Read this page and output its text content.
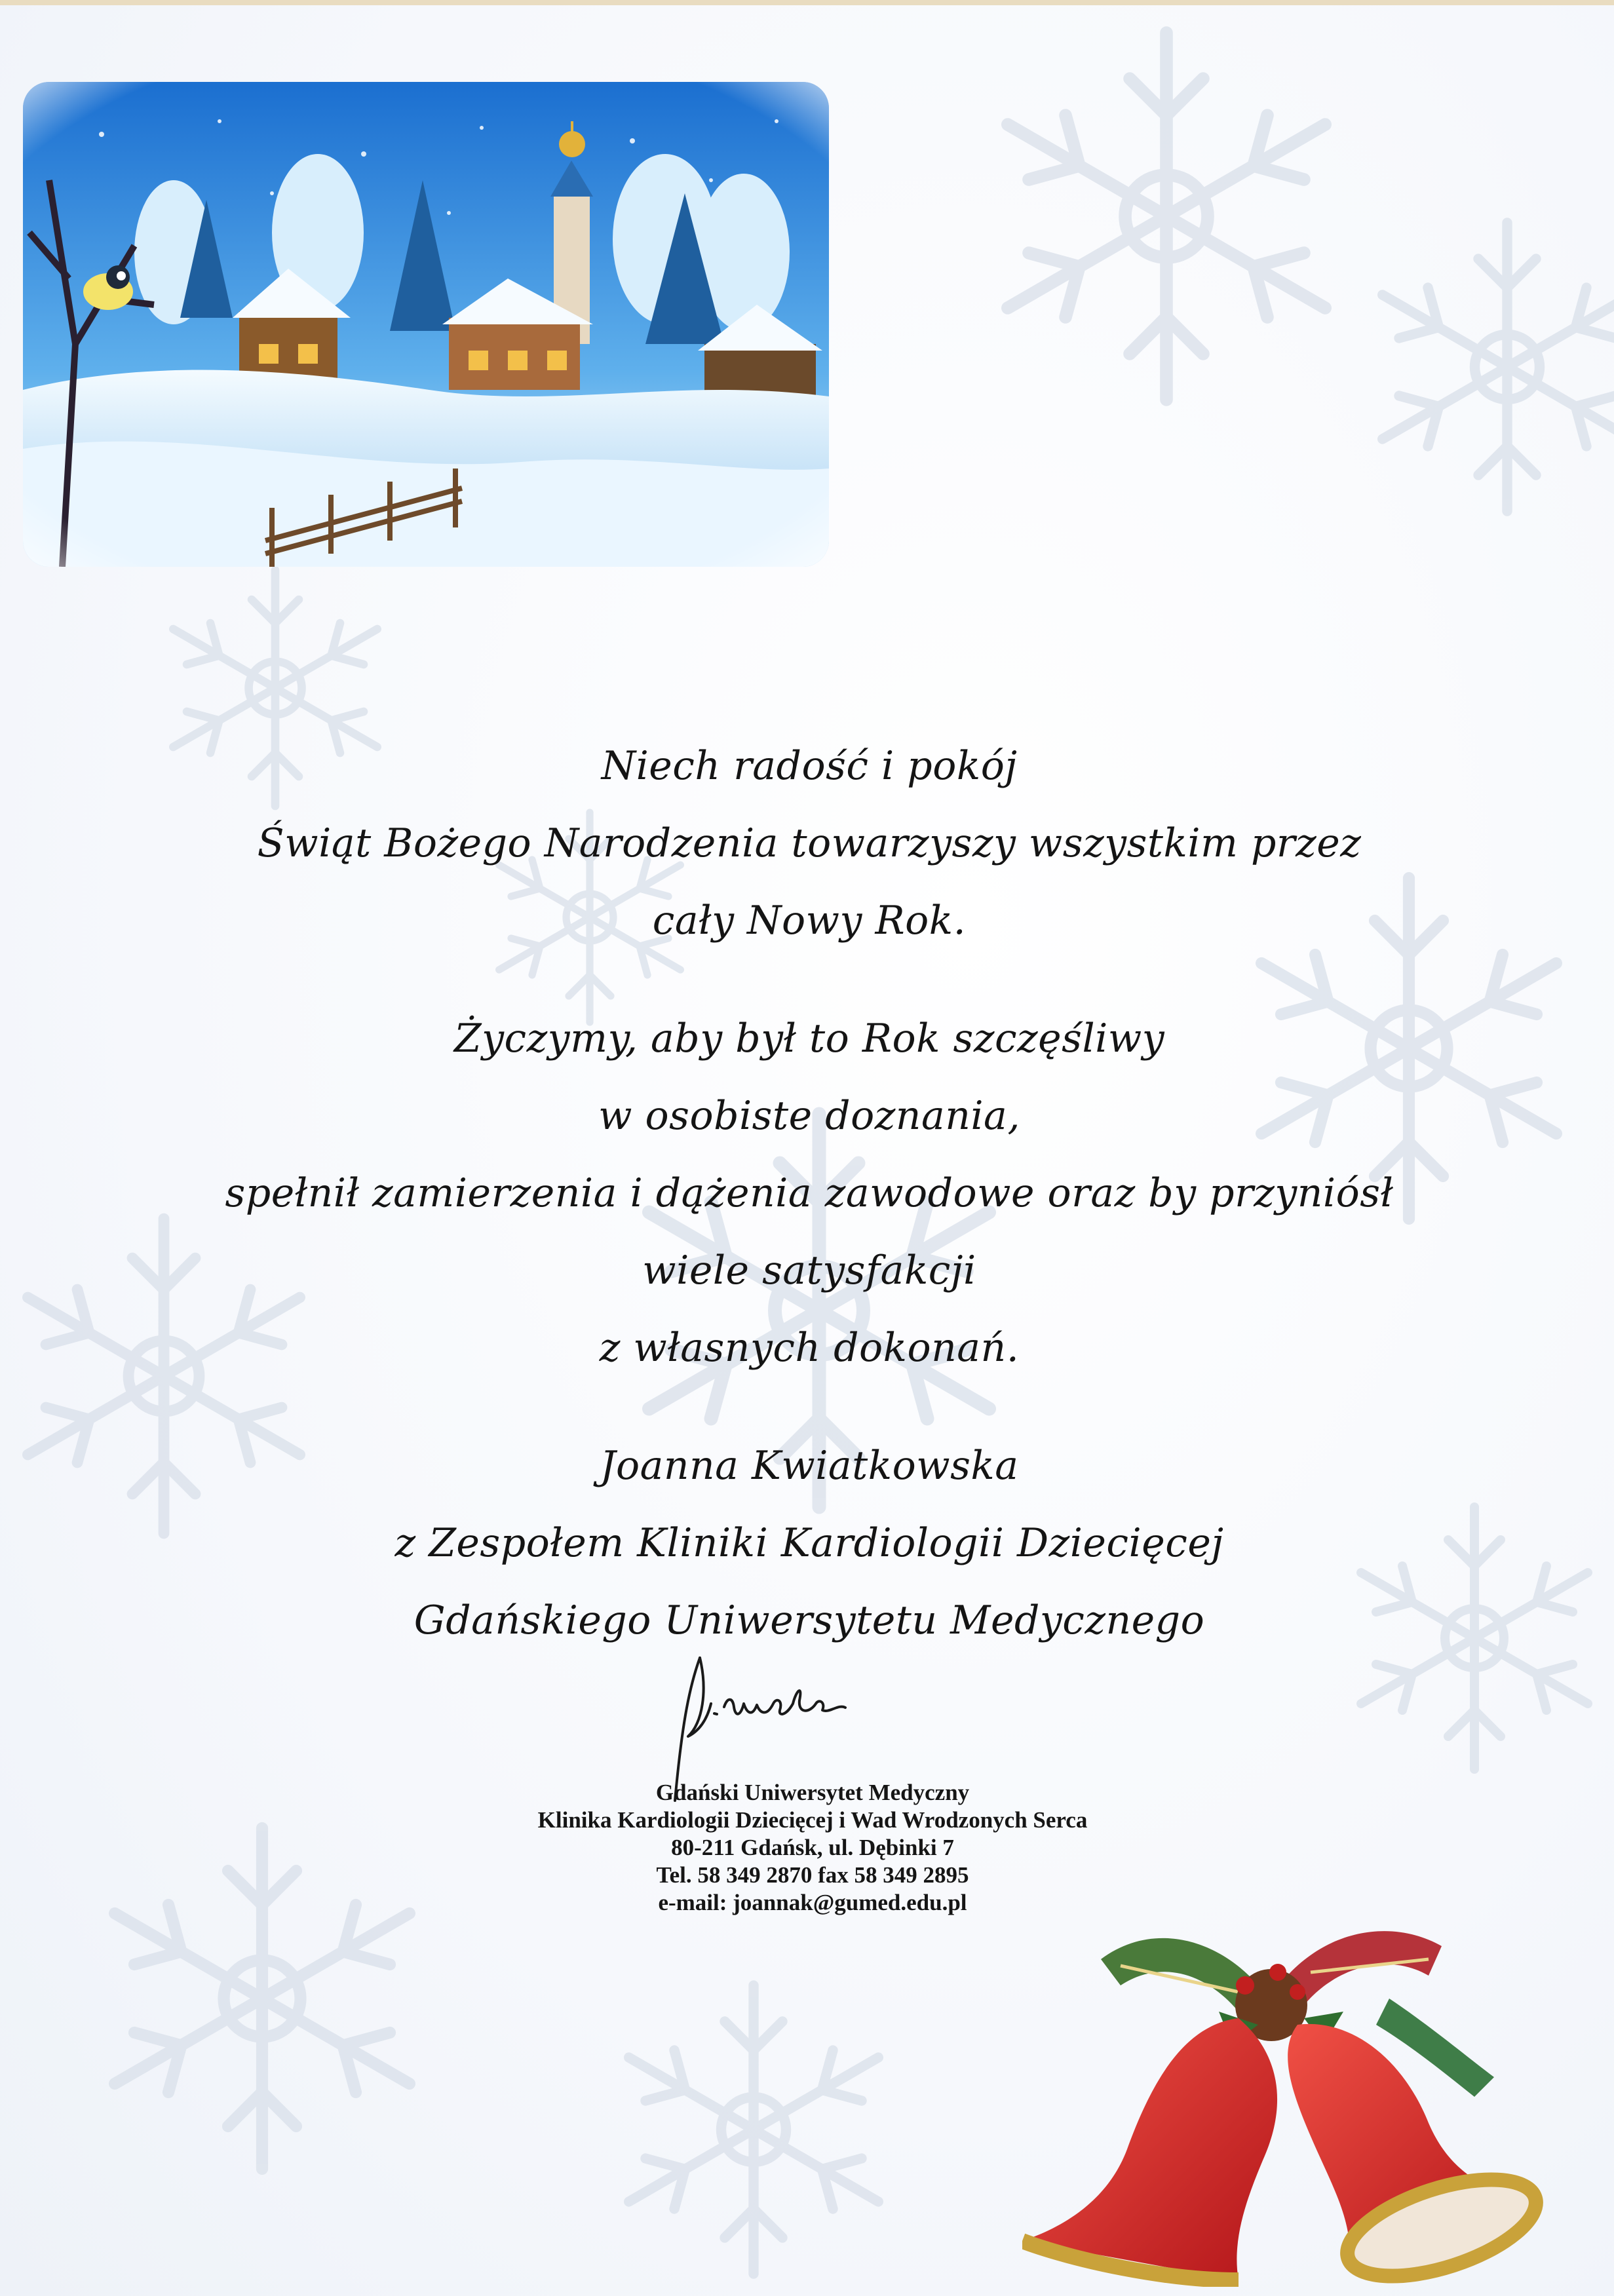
Niech radość i pokój

Świąt Bożego Narodzenia towarzyszy wszystkim przez

cały Nowy Rok.

Życzymy, aby był to Rok szczęśliwy

w osobiste doznania,

spełnił zamierzenia i dążenia zawodowe oraz by przyniósł

wiele satysfakcji

z własnych dokonań.

Joanna Kwiatkowska

z Zespołem Kliniki Kardiologii Dziecięcej

Gdańskiego Uniwersytetu Medycznego

Gdański Uniwersytet Medyczny

Klinika Kardiologii Dziecięcej i Wad Wrodzonych Serca

80-211 Gdańsk, ul. Dębinki 7

Tel. 58 349 2870 fax 58 349 2895

e-mail: joannak@gumed.edu.pl
